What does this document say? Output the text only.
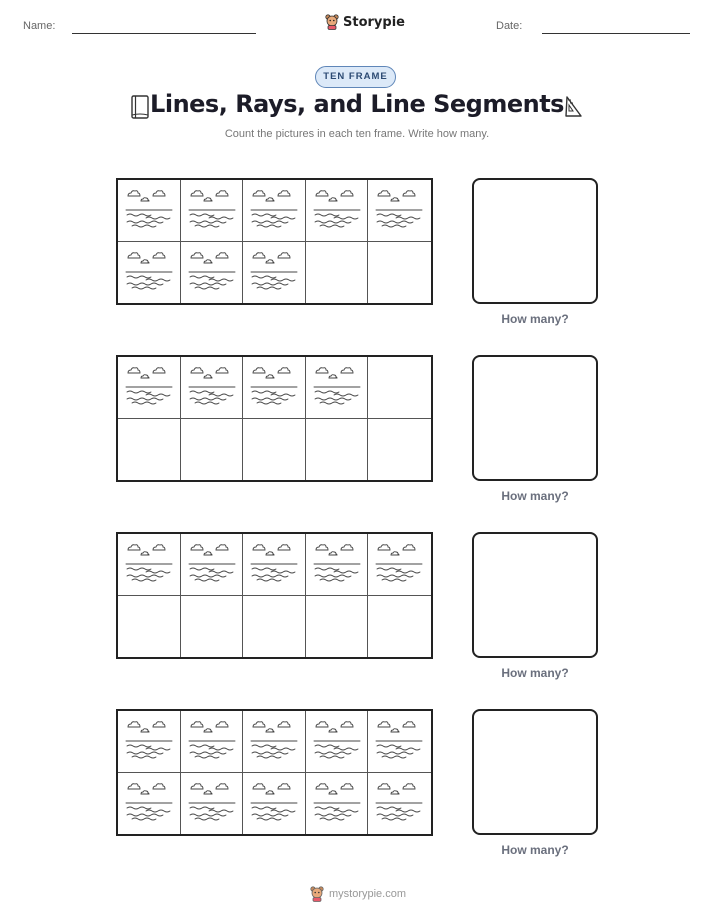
Name:	Storypie	Date:
TEN FRAME
Lines, Rays, and Line Segments
Count the pictures in each ten frame. Write how many.
How many?
How many?
How many?
How many?
mystorypie.com
